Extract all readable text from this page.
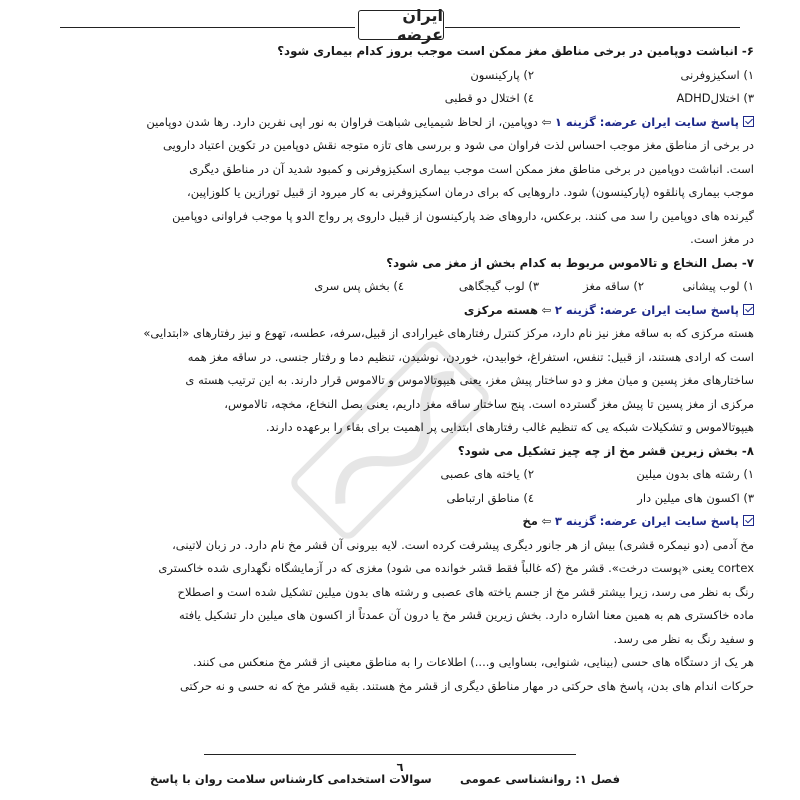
ایران عرضه
۶- انباشت دوپامین در برخی مناطق مغز ممکن است موجب بروز کدام بیماری شود؟
۱) اسکیزوفرنی
۲) پارکینسون
۳) اختلالADHD
٤) اختلال دو قطبی
پاسخ سایت ایران عرضه: گزینه ۱ ⇦ دوپامین، از لحاظ شیمیایی شباهت فراوان به نور اپی نفرین دارد. رها شدن دوپامین
در برخی از مناطق مغز موجب احساس لذت فراوان می شود و بررسی های تازه متوجه نقش دوپامین در تکوین اعتیاد دارویی
است. انباشت دوپامین در برخی مناطق مغز ممکن است موجب بیماری اسکیزوفرنی و کمبود شدید آن در مناطق دیگری
موجب بیماری پانلقوه (پارکینسون) شود. داروهایی که برای درمان اسکیزوفرنی به کار میرود از قبیل تورازین یا کلوزاپین،
گیرنده های دوپامین را سد می کنند. برعکس، داروهای ضد پارکینسون از قبیل داروی پر رواج الدو پا موجب فراوانی دوپامین
در مغز است.
۷- بصل النخاع و تالاموس مربوط به کدام بخش از مغز می شود؟
۱) لوب پیشانی
۲) ساقه مغز
۳) لوب گیجگاهی
٤) بخش پس سری
پاسخ سایت ایران عرضه: گزینه ۲ ⇦ هسته مرکزی
هسته مرکزی که به ساقه مغز نیز نام دارد، مرکز کنترل رفتارهای غیرارادی از قبیل،سرفه، عطسه، تهوع و نیز رفتارهای «ابتدایی»
است که ارادی هستند، از قبیل: تنفس، استفراغ، خوابیدن، خوردن، نوشیدن، تنظیم دما و رفتار جنسی. در ساقه مغز همه
ساختارهای مغز پسین و میان مغز و دو ساختار پیش مغز، یعنی هیپوتالاموس و تالاموس قرار دارند. به این ترتیب هسته ی
مرکزی از مغز پسین تا پیش مغز گسترده است. پنج ساختار ساقه مغز داریم، یعنی بصل النخاع، مخچه، تالاموس،
هیپوتالاموس و تشکیلات شبکه یی که تنظیم غالب رفتارهای ابتدایی پر اهمیت برای بقاء را برعهده دارند.
۸- بخش زیرین قشر مخ از چه چیز تشکیل می شود؟
۱) رشته های بدون میلین
۲) یاخته های عصبی
۳) اکسون های میلین دار
٤) مناطق ارتباطی
پاسخ سایت ایران عرضه: گزینه ۳ ⇦ مخ
مخ آدمی (دو نیمکره قشری) بیش از هر جانور دیگری پیشرفت کرده است. لایه بیرونی آن قشر مخ نام دارد. در زبان لاتینی،
cortex یعنی «پوست درخت». قشر مخ (که غالباً فقط قشر خوانده می شود) مغزی که در آزمایشگاه نگهداری شده خاکستری
رنگ به نظر می رسد، زیرا بیشتر قشر مخ از جسم یاخته های عصبی و رشته های بدون میلین تشکیل شده است و اصطلاح
ماده خاکستری هم به همین معنا اشاره دارد. بخش زیرین قشر مخ یا درون آن عمدتاً از اکسون های میلین دار تشکیل یافته
و سفید رنگ به نظر می رسد.
هر یک از دستگاه های حسی (بینایی، شنوایی، بساوایی و....) اطلاعات را به مناطق معینی از قشر مخ منعکس می کنند.
حرکات اندام های بدن، پاسخ های حرکتی در مهار مناطق دیگری از قشر مخ هستند. بقیه قشر مخ که نه حسی و نه حرکتی
٦
فصل ۱: روانشناسی عمومی
سوالات استخدامی کارشناس سلامت روان با پاسخ
